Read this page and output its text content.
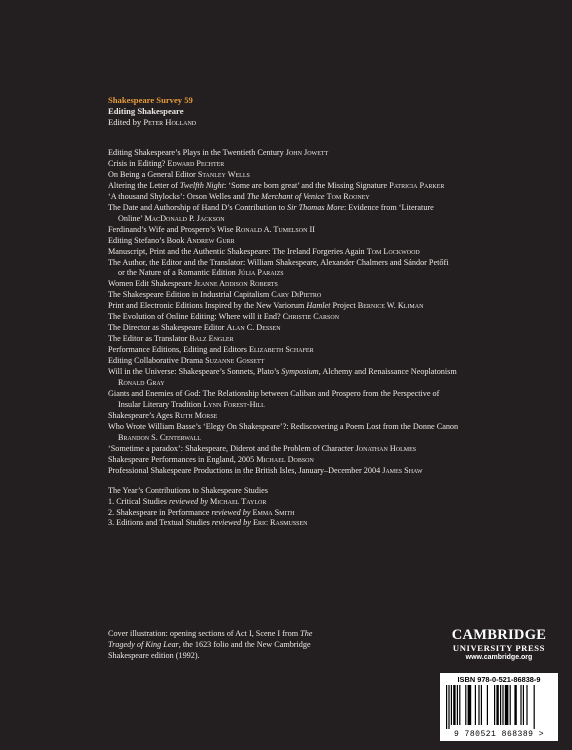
Shakespeare Survey 59
Editing Shakespeare
Edited by Peter Holland
Editing Shakespeare’s Plays in the Twentieth Century John Jowett
Crisis in Editing? Edward Pechter
On Being a General Editor Stanley Wells
Altering the Letter of Twelfth Night: ‘Some are born great’ and the Missing Signature Patricia Parker
‘A thousand Shylocks’: Orson Welles and The Merchant of Venice Tom Rooney
The Date and Authorship of Hand D’s Contribution to Sir Thomas More: Evidence from ‘Literature
Online’ MacDonald P. Jackson
Ferdinand’s Wife and Prospero’s Wise Ronald A. Tumelson II
Editing Stefano’s Book Andrew Gurr
Manuscript, Print and the Authentic Shakespeare: The Ireland Forgeries Again Tom Lockwood
The Author, the Editor and the Translator: William Shakespeare, Alexander Chalmers and Sándor Petőfi
or the Nature of a Romantic Edition Júlia Paraizs
Women Edit Shakespeare Jeanne Addison Roberts
The Shakespeare Edition in Industrial Capitalism Cary DiPietro
Print and Electronic Editions Inspired by the New Variorum Hamlet Project Bernice W. Kliman
The Evolution of Online Editing: Where will it End? Christie Carson
The Director as Shakespeare Editor Alan C. Dessen
The Editor as Translator Balz Engler
Performance Editions, Editing and Editors Elizabeth Schafer
Editing Collaborative Drama Suzanne Gossett
Will in the Universe: Shakespeare’s Sonnets, Plato’s Symposium, Alchemy and Renaissance Neoplatonism
Ronald Gray
Giants and Enemies of God: The Relationship between Caliban and Prospero from the Perspective of
Insular Literary Tradition Lynn Forest-Hill
Shakespeare’s Ages Ruth Morse
Who Wrote William Basse’s ‘Elegy On Shakespeare’?: Rediscovering a Poem Lost from the Donne Canon
Brandon S. Centerwall
‘Sometime a paradox’: Shakespeare, Diderot and the Problem of Character Jonathan Holmes
Shakespeare Performances in England, 2005 Michael Dobson
Professional Shakespeare Productions in the British Isles, January–December 2004 James Shaw
The Year’s Contributions to Shakespeare Studies
1. Critical Studies reviewed by Michael Taylor
2. Shakespeare in Performance reviewed by Emma Smith
3. Editions and Textual Studies reviewed by Eric Rasmussen
Cover illustration: opening sections of Act I, Scene I from The Tragedy of King Lear, the 1623 folio and the New Cambridge Shakespeare edition (1992).
CAMBRIDGE
UNIVERSITY PRESS
www.cambridge.org
ISBN 978-0-521-86838-9
9 780521 868389 >
